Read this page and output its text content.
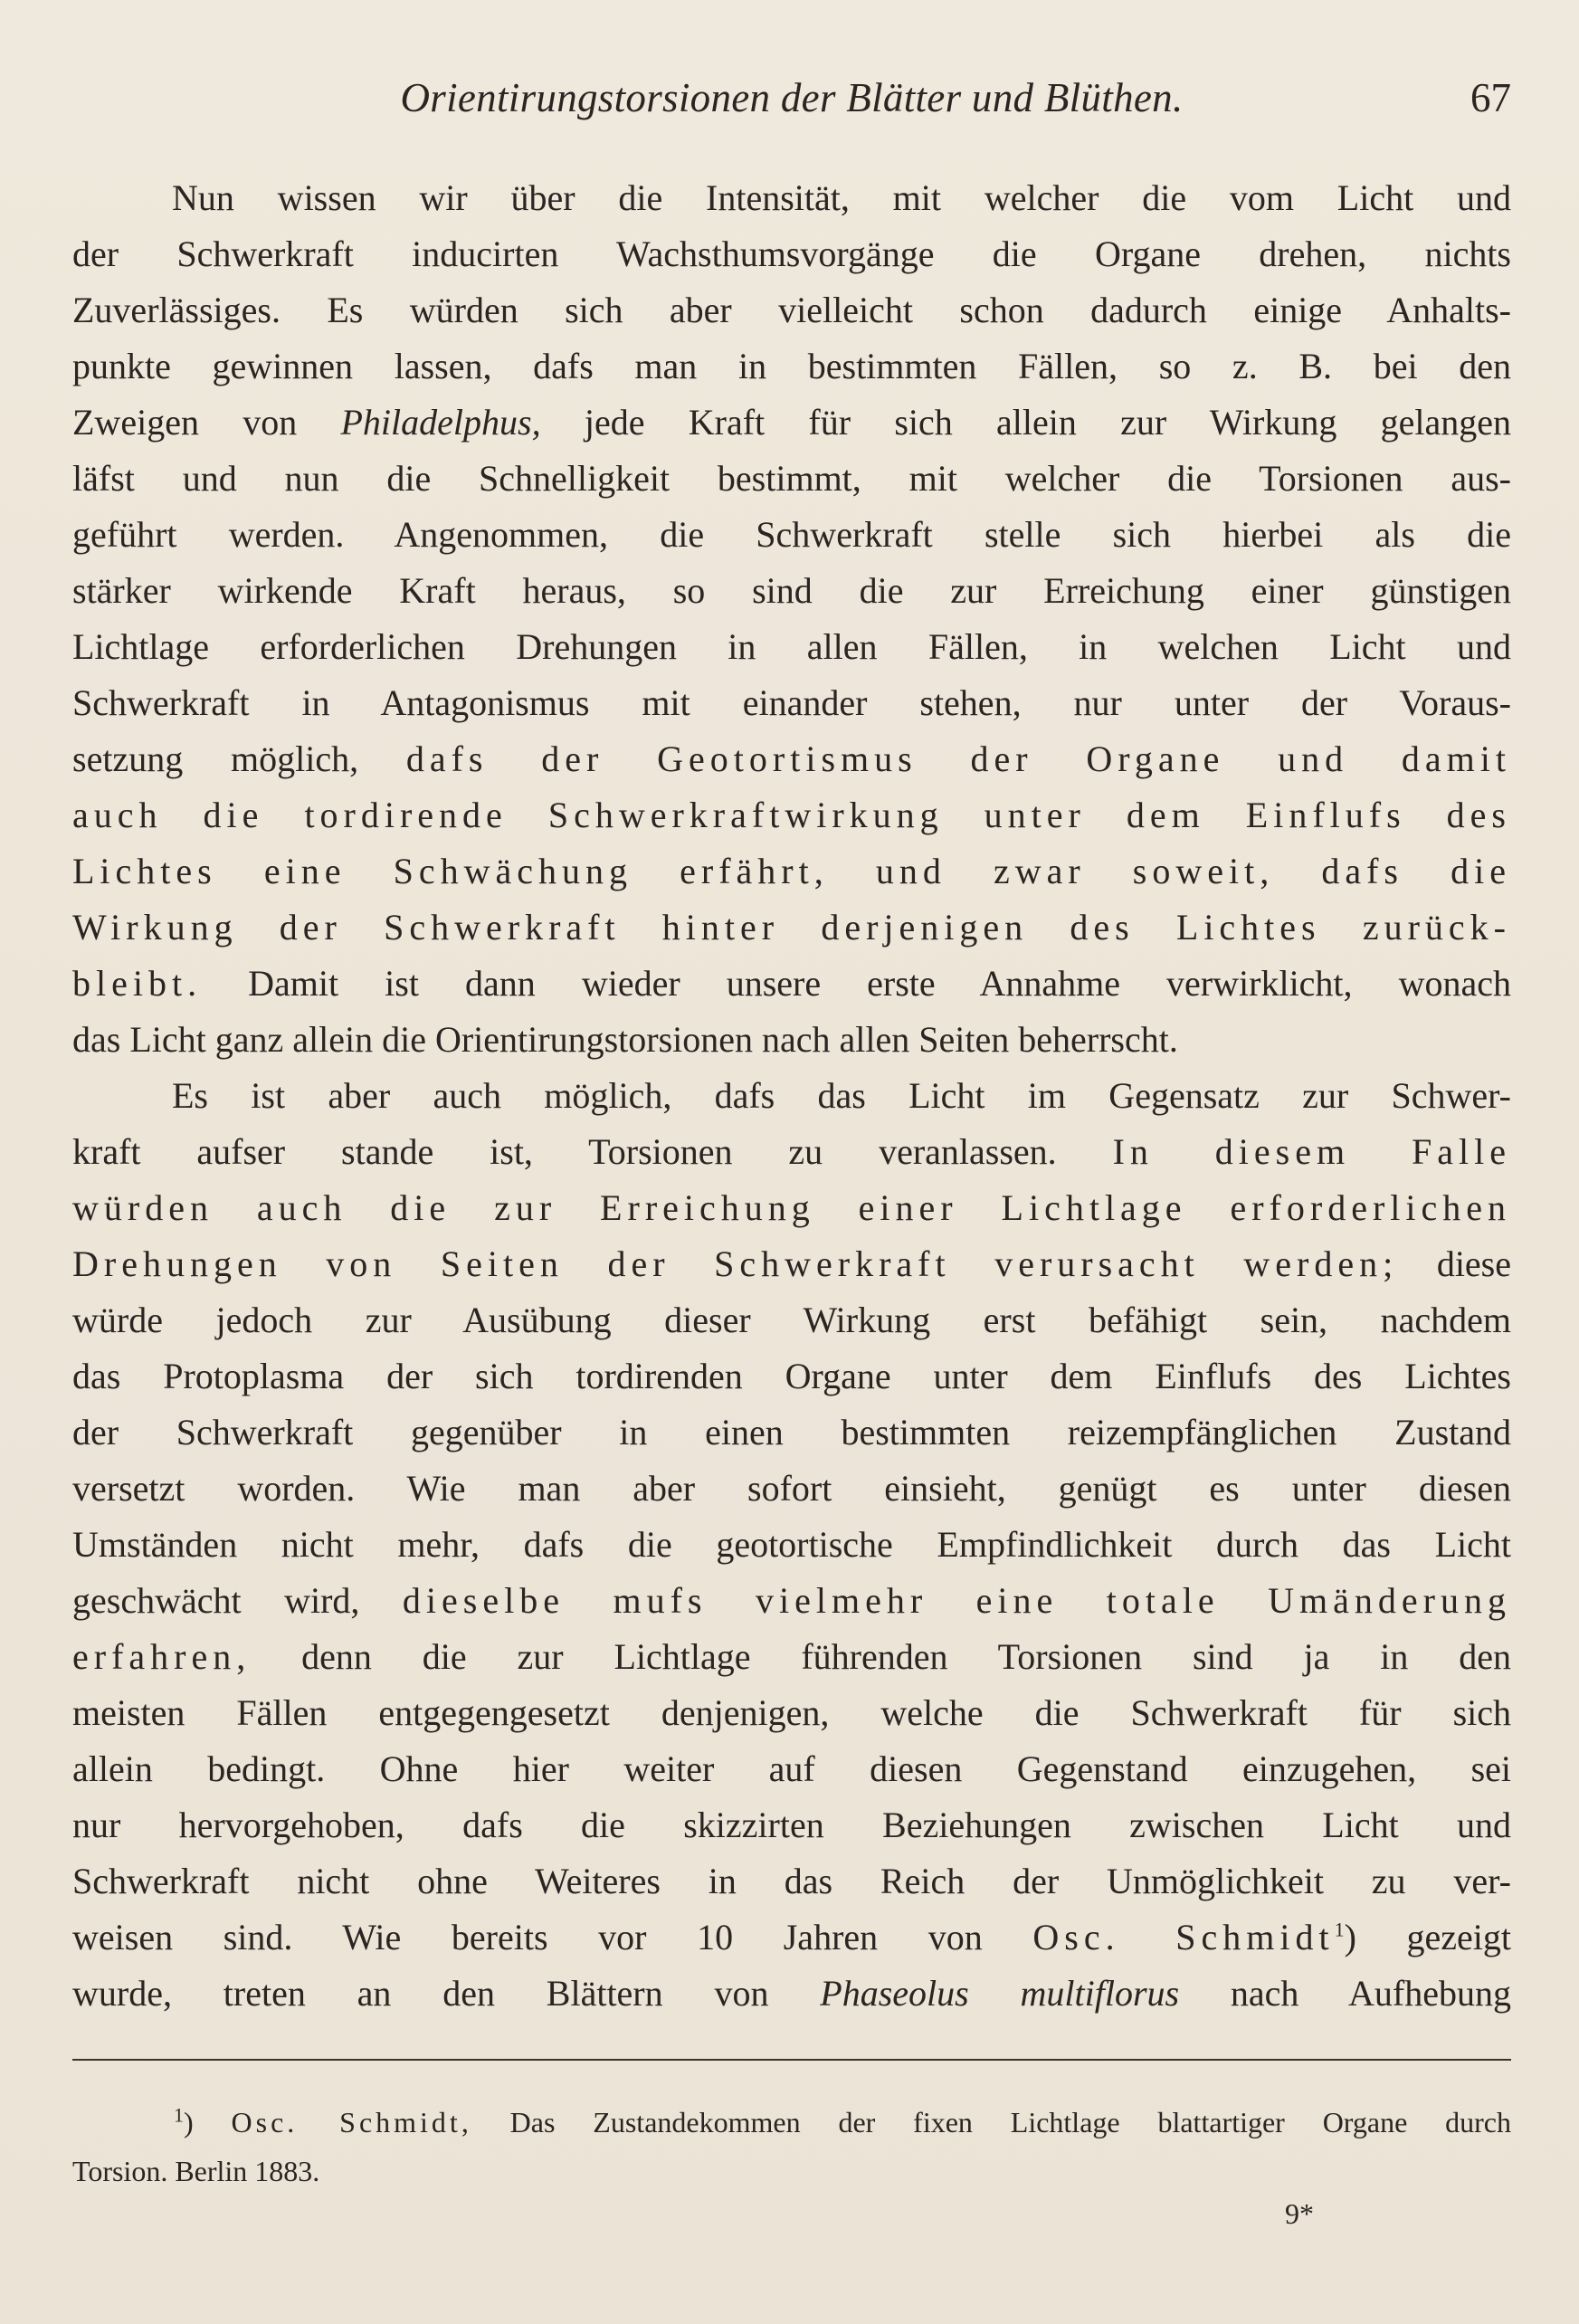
Orientirungstorsionen der Blätter und Blüthen.	67
Nun wissen wir über die Intensität, mit welcher die vom Licht und
der Schwerkraft inducirten Wachsthumsvorgänge die Organe drehen, nichts
Zuverlässiges. Es würden sich aber vielleicht schon dadurch einige Anhalts-
punkte gewinnen lassen, dafs man in bestimmten Fällen, so z. B. bei den
Zweigen von Philadelphus, jede Kraft für sich allein zur Wirkung gelangen
läfst und nun die Schnelligkeit bestimmt, mit welcher die Torsionen aus-
geführt werden. Angenommen, die Schwerkraft stelle sich hierbei als die
stärker wirkende Kraft heraus, so sind die zur Erreichung einer günstigen
Lichtlage erforderlichen Drehungen in allen Fällen, in welchen Licht und
Schwerkraft in Antagonismus mit einander stehen, nur unter der Voraus-
setzung möglich, dafs der Geotortismus der Organe und damit
auch die tordirende Schwerkraftwirkung unter dem Einflufs des
Lichtes eine Schwächung erfährt, und zwar soweit, dafs die
Wirkung der Schwerkraft hinter derjenigen des Lichtes zurück-
bleibt. Damit ist dann wieder unsere erste Annahme verwirklicht, wonach
das Licht ganz allein die Orientirungstorsionen nach allen Seiten beherrscht.
Es ist aber auch möglich, dafs das Licht im Gegensatz zur Schwer-
kraft aufser stande ist, Torsionen zu veranlassen. In diesem Falle
würden auch die zur Erreichung einer Lichtlage erforderlichen
Drehungen von Seiten der Schwerkraft verursacht werden; diese
würde jedoch zur Ausübung dieser Wirkung erst befähigt sein, nachdem
das Protoplasma der sich tordirenden Organe unter dem Einflufs des Lichtes
der Schwerkraft gegenüber in einen bestimmten reizempfänglichen Zustand
versetzt worden. Wie man aber sofort einsieht, genügt es unter diesen
Umständen nicht mehr, dafs die geotortische Empfindlichkeit durch das Licht
geschwächt wird, dieselbe mufs vielmehr eine totale Umänderung
erfahren, denn die zur Lichtlage führenden Torsionen sind ja in den
meisten Fällen entgegengesetzt denjenigen, welche die Schwerkraft für sich
allein bedingt. Ohne hier weiter auf diesen Gegenstand einzugehen, sei
nur hervorgehoben, dafs die skizzirten Beziehungen zwischen Licht und
Schwerkraft nicht ohne Weiteres in das Reich der Unmöglichkeit zu ver-
weisen sind. Wie bereits vor 10 Jahren von Osc. Schmidt$^1$) gezeigt
wurde, treten an den Blättern von Phaseolus multiflorus nach Aufhebung
$^1$) Osc. Schmidt, Das Zustandekommen der fixen Lichtlage blattartiger Organe durch
Torsion. Berlin 1883.
9*
